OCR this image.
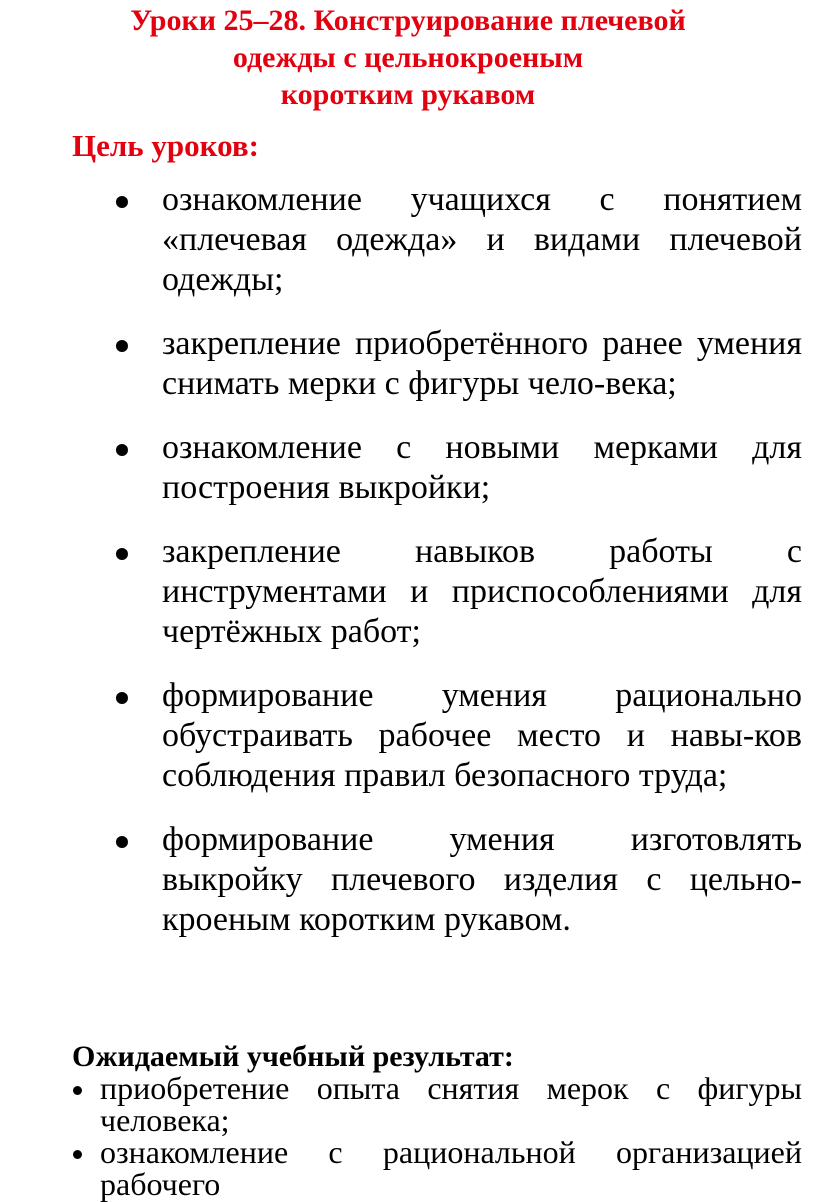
Уроки 25–28. Конструирование плечевой
одежды с цельнокроеным
коротким рукавом
Цель уроков:
ознакомление учащихся с понятием «плечевая одежда» и видами плечевой одежды;
закрепление приобретённого ранее умения снимать мерки с фигуры чело-века;
ознакомление с новыми мерками для построения выкройки;
закрепление навыков работы с инструментами и приспособлениями для чертёжных работ;
формирование умения рационально обустраивать рабочее место и навы-ков соблюдения правил безопасного труда;
формирование умения изготовлять выкройку плечевого изделия с цельно-кроеным коротким рукавом.
Ожидаемый учебный результат:
приобретение опыта снятия мерок с фигуры человека;
ознакомление с рациональной организацией рабочего
